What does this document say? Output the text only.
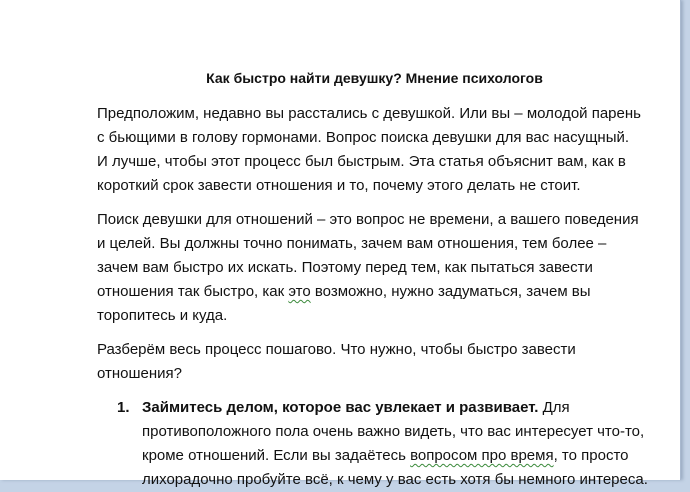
Как быстро найти девушку? Мнение психологов
Предположим, недавно вы расстались с девушкой. Или вы – молодой парень
с бьющими в голову гормонами. Вопрос поиска девушки для вас насущный.
И лучше, чтобы этот процесс был быстрым. Эта статья объяснит вам, как в
короткий срок завести отношения и то, почему этого делать не стоит.
Поиск девушки для отношений – это вопрос не времени, а вашего поведения
и целей. Вы должны точно понимать, зачем вам отношения, тем более –
зачем вам быстро их искать. Поэтому перед тем, как пытаться завести
отношения так быстро, как это возможно, нужно задуматься, зачем вы
торопитесь и куда.
Разберём весь процесс пошагово. Что нужно, чтобы быстро завести
отношения?
1. Займитесь делом, которое вас увлекает и развивает. Для
противоположного пола очень важно видеть, что вас интересует что-то,
кроме отношений. Если вы задаётесь вопросом про время, то просто
лихорадочно пробуйте всё, к чему у вас есть хотя бы немного интереса.
